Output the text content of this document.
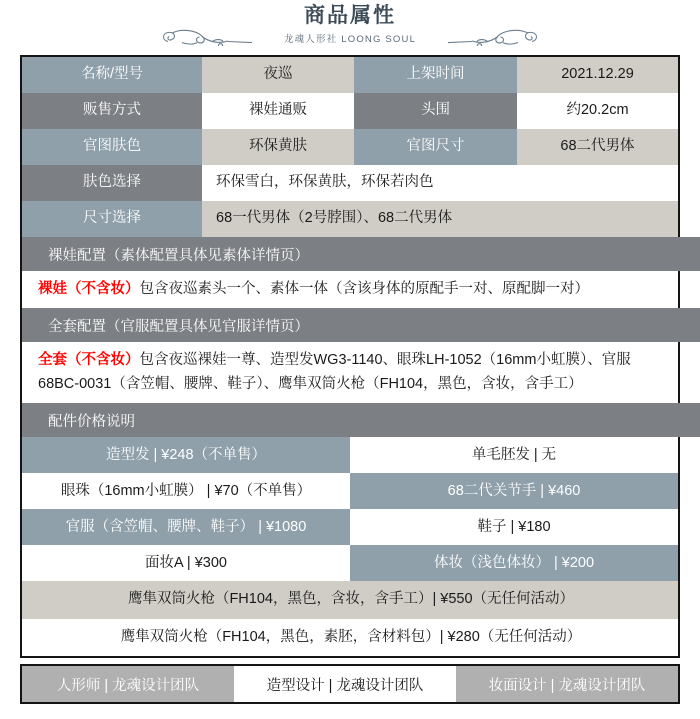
商品属性
龙魂人形社 LOONG SOUL
名称/型号	夜巡	上架时间	2021.12.29
贩售方式	裸娃通贩	头围	约20.2cm
官图肤色	环保黄肤	官图尺寸	68二代男体
肤色选择	环保雪白，环保黄肤，环保若肉色
尺寸选择	68一代男体（2号脖围）、68二代男体
裸娃配置（素体配置具体见素体详情页）
裸娃（不含妆）包含夜巡素头一个、素体一体（含该身体的原配手一对、原配脚一对）
全套配置（官服配置具体见官服详情页）
全套（不含妆）包含夜巡裸娃一尊、造型发WG3-1140、眼珠LH-1052（16mm小虹膜）、官服68BC-0031（含笠帽、腰牌、鞋子）、鹰隼双筒火枪（FH104，黑色，含妆，含手工）
配件价格说明
造型发 | ¥248（不单售）	单毛胚发 | 无
眼珠（16mm小虹膜） | ¥70（不单售）	68二代关节手 | ¥460
官服（含笠帽、腰牌、鞋子） | ¥1080	鞋子 | ¥180
面妆A | ¥300	体妆（浅色体妆） | ¥200
鹰隼双筒火枪（FH104，黑色，含妆，含手工）| ¥550（无任何活动）
鹰隼双筒火枪（FH104，黑色，素胚，含材料包）| ¥280（无任何活动）
人形师 | 龙魂设计团队	造型设计 | 龙魂设计团队	妆面设计 | 龙魂设计团队
